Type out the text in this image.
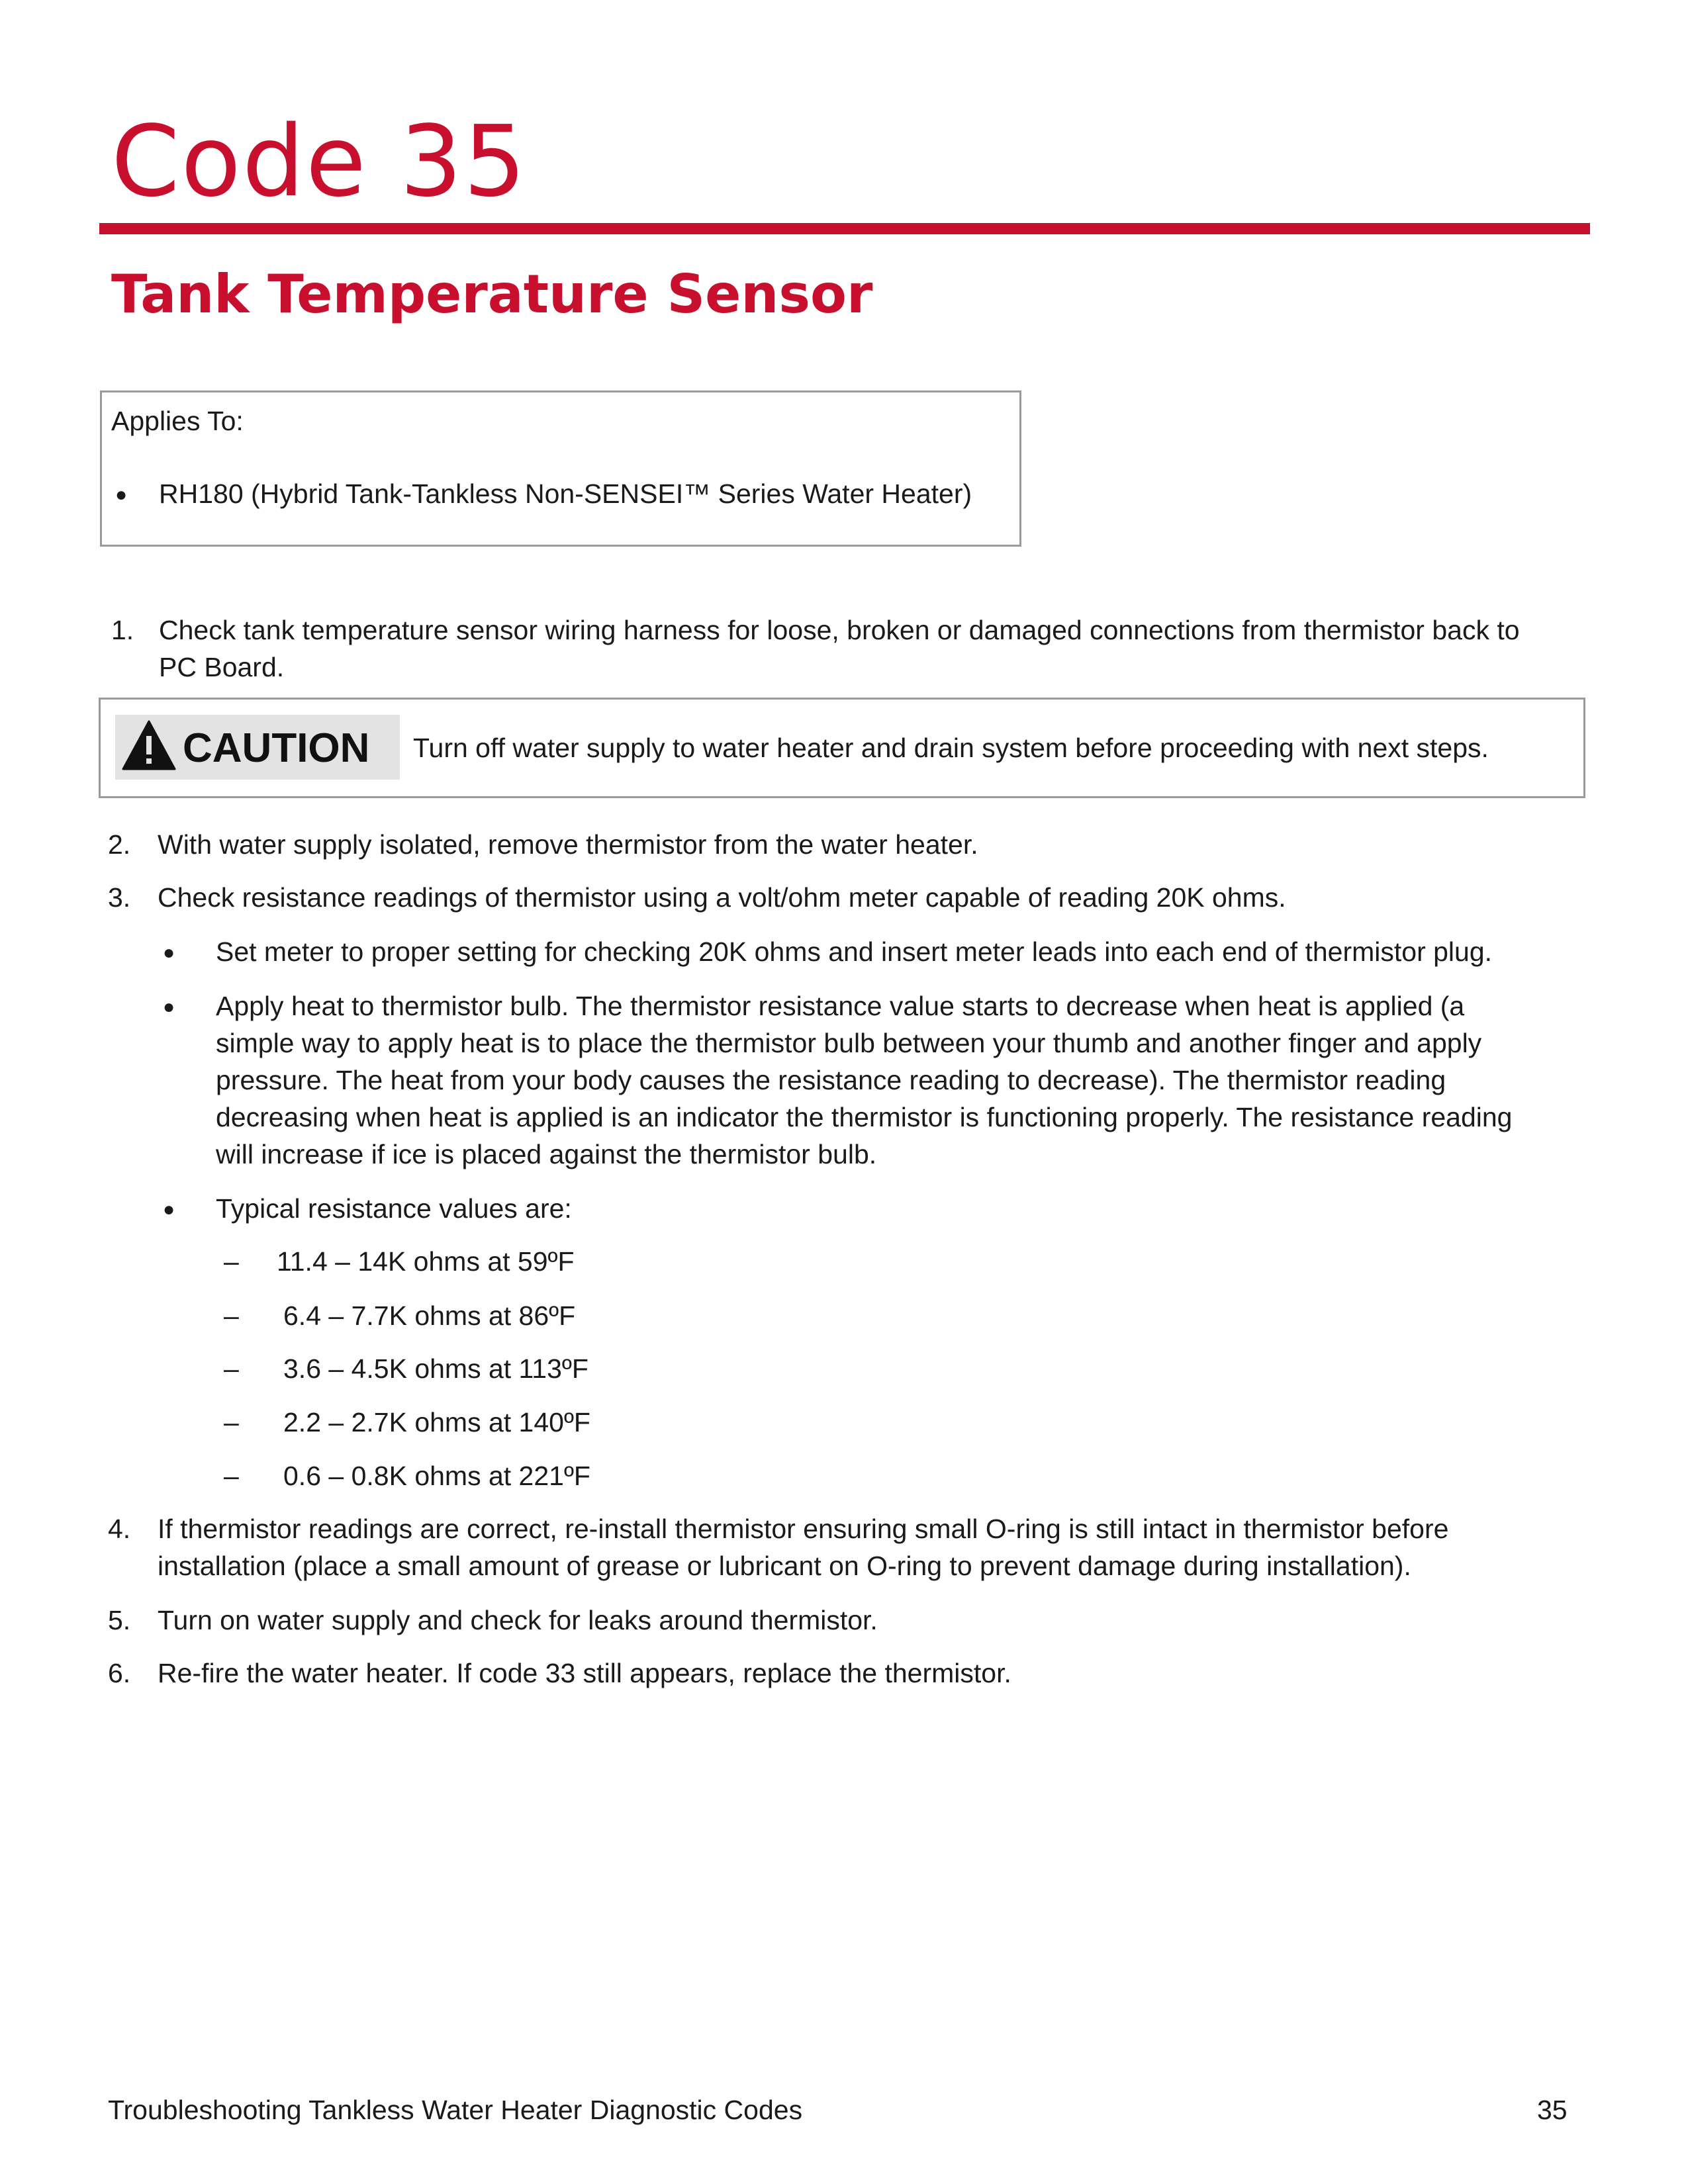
Code 35
Tank Temperature Sensor
Applies To:
● RH180 (Hybrid Tank-Tankless Non-SENSEI™ Series Water Heater)
1. Check tank temperature sensor wiring harness for loose, broken or damaged connections from thermistor back to
PC Board.
CAUTION Turn off water supply to water heater and drain system before proceeding with next steps.
2. With water supply isolated, remove thermistor from the water heater.
3. Check resistance readings of thermistor using a volt/ohm meter capable of reading 20K ohms.
● Set meter to proper setting for checking 20K ohms and insert meter leads into each end of thermistor plug.
● Apply heat to thermistor bulb. The thermistor resistance value starts to decrease when heat is applied (a
simple way to apply heat is to place the thermistor bulb between your thumb and another finger and apply
pressure. The heat from your body causes the resistance reading to decrease). The thermistor reading
decreasing when heat is applied is an indicator the thermistor is functioning properly. The resistance reading
will increase if ice is placed against the thermistor bulb.
● Typical resistance values are:
– 11.4 – 14K ohms at 59ºF
– 6.4 – 7.7K ohms at 86ºF
– 3.6 – 4.5K ohms at 113ºF
– 2.2 – 2.7K ohms at 140ºF
– 0.6 – 0.8K ohms at 221ºF
4. If thermistor readings are correct, re-install thermistor ensuring small O-ring is still intact in thermistor before
installation (place a small amount of grease or lubricant on O-ring to prevent damage during installation).
5. Turn on water supply and check for leaks around thermistor.
6. Re-fire the water heater. If code 33 still appears, replace the thermistor.
Troubleshooting Tankless Water Heater Diagnostic Codes	35
